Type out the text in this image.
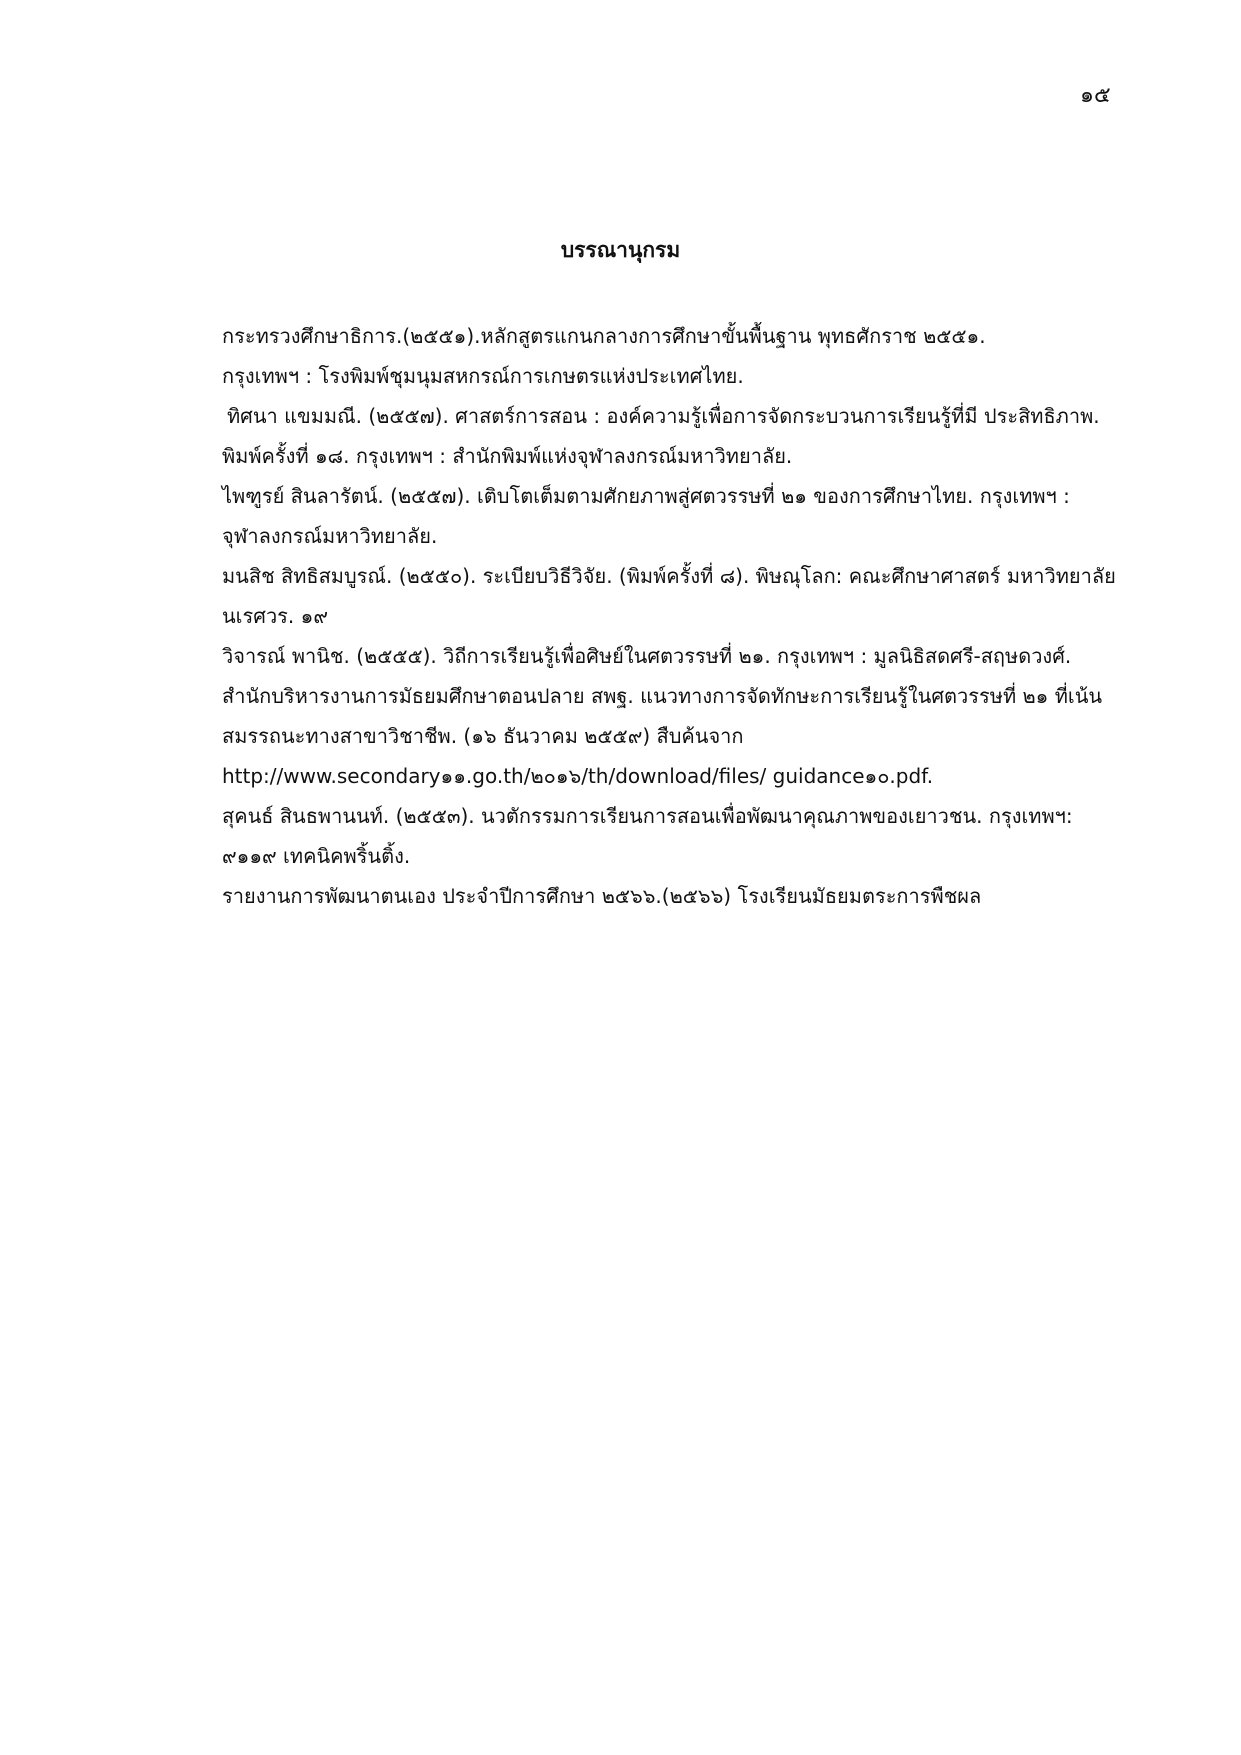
๑๕
บรรณานุกรม
กระทรวงศึกษาธิการ.(๒๕๕๑).หลักสูตรแกนกลางการศึกษาขั้นพื้นฐาน พุทธศักราช ๒๕๕๑.
กรุงเทพฯ : โรงพิมพ์ชุมนุมสหกรณ์การเกษตรแห่งประเทศไทย.
ทิศนา แขมมณี. (๒๕๕๗). ศาสตร์การสอน : องค์ความรู้เพื่อการจัดกระบวนการเรียนรู้ที่มี ประสิทธิภาพ.
พิมพ์ครั้งที่ ๑๘. กรุงเทพฯ : สำนักพิมพ์แห่งจุฬาลงกรณ์มหาวิทยาลัย.
ไพฑูรย์ สินลารัตน์. (๒๕๕๗). เติบโตเต็มตามศักยภาพสู่ศตวรรษที่ ๒๑ ของการศึกษาไทย. กรุงเทพฯ :
จุฬาลงกรณ์มหาวิทยาลัย.
มนสิช สิทธิสมบูรณ์. (๒๕๕๐). ระเบียบวิธีวิจัย. (พิมพ์ครั้งที่ ๘). พิษณุโลก: คณะศึกษาศาสตร์ มหาวิทยาลัย
นเรศวร. ๑๙
วิจารณ์ พานิช. (๒๕๕๕). วิถีการเรียนรู้เพื่อศิษย์ในศตวรรษที่ ๒๑. กรุงเทพฯ : มูลนิธิสดศรี-สฤษดวงศ์.
สำนักบริหารงานการมัธยมศึกษาตอนปลาย สพฐ. แนวทางการจัดทักษะการเรียนรู้ในศตวรรษที่ ๒๑ ที่เน้น
สมรรถนะทางสาขาวิชาชีพ. (๑๖ ธันวาคม ๒๕๕๙) สืบค้นจาก
http://www.secondary๑๑.go.th/๒๐๑๖/th/download/files/ guidance๑๐.pdf.
สุคนธ์ สินธพานนท์. (๒๕๕๓). นวตักรรมการเรียนการสอนเพื่อพัฒนาคุณภาพของเยาวชน. กรุงเทพฯ:
๙๑๑๙ เทคนิคพริ้นติ้ง.
รายงานการพัฒนาตนเอง ประจำปีการศึกษา ๒๕๖๖.(๒๕๖๖) โรงเรียนมัธยมตระการพืชผล
